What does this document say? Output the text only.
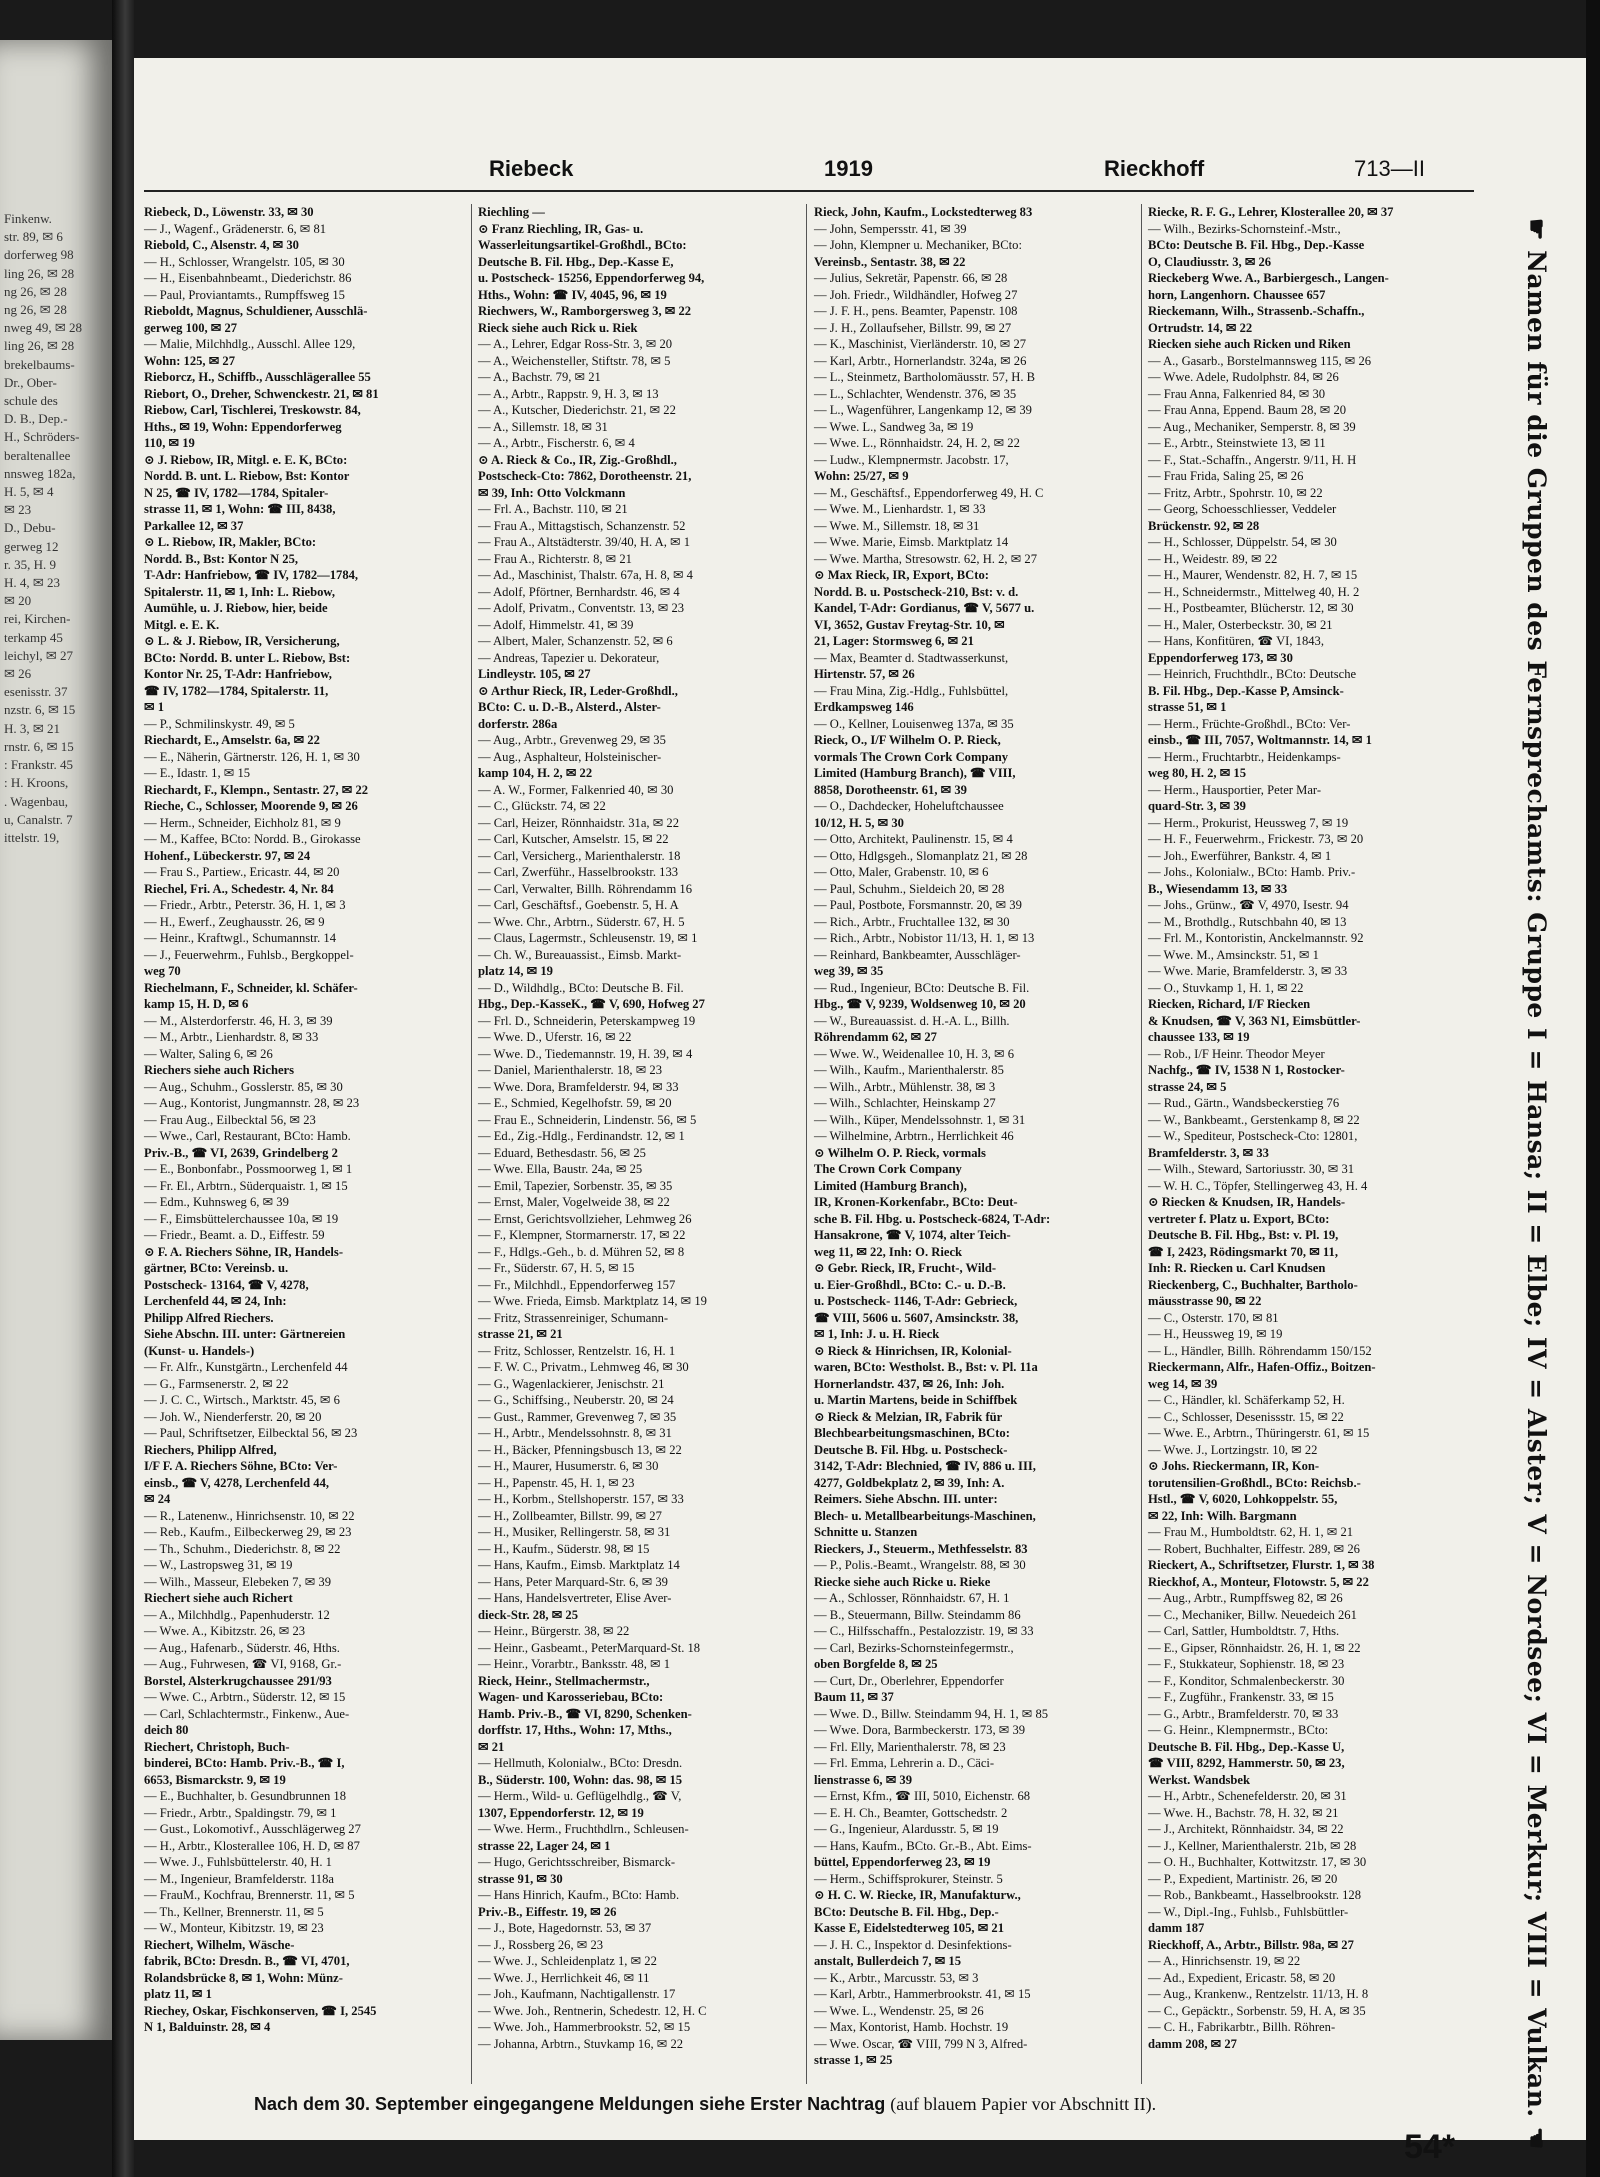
Finkenw.
str. 89, ✉ 6
dorferweg 98
ling 26, ✉ 28
ng 26, ✉ 28
ng 26, ✉ 28
nweg 49, ✉ 28
ling 26, ✉ 28
brekelbaums-
Dr., Ober-
schule des
D. B., Dep.-
H., Schröders-
beraltenallee
nnsweg 182a,
H. 5, ✉ 4
✉ 23
D., Debu-
gerweg 12
r. 35, H. 9
H. 4, ✉ 23
✉ 20
rei, Kirchen-
terkamp 45
leichyl, ✉ 27
✉ 26
esenisstr. 37
nzstr. 6, ✉ 15
H. 3, ✉ 21
rnstr. 6, ✉ 15
: Frankstr. 45
: H. Kroons,
. Wagenbau,
u, Canalstr. 7
ittelstr. 19,
Riebeck	1919	Rieckhoff	713—II
Riebeck, D., Löwenstr. 33, ✉ 30
— J., Wagenf., Grädenerstr. 6, ✉ 81
Riebold, C., Alsenstr. 4, ✉ 30
— H., Schlosser, Wrangelstr. 105, ✉ 30
— H., Eisenbahnbeamt., Diederichstr. 86
— Paul, Proviantamts., Rumpffsweg 15
Rieboldt, Magnus, Schuldiener, Ausschlä-
gerweg 100, ✉ 27
— Malie, Milchhdlg., Ausschl. Allee 129,
Wohn: 125, ✉ 27
Rieborcz, H., Schiffb., Ausschlägerallee 55
Riebort, O., Dreher, Schwenckestr. 21, ✉ 81
Riebow, Carl, Tischlerei, Treskowstr. 84,
Hths., ✉ 19, Wohn: Eppendorferweg
110, ✉ 19
⊙ J. Riebow, IR, Mitgl. e. E. K, BCto:
Nordd. B. unt. L. Riebow, Bst: Kontor
N 25, ☎ IV, 1782—1784, Spitaler-
strasse 11, ✉ 1, Wohn: ☎ III, 8438,
Parkallee 12, ✉ 37
⊙ L. Riebow, IR, Makler, BCto:
Nordd. B., Bst: Kontor N 25,
T-Adr: Hanfriebow, ☎ IV, 1782—1784,
Spitalerstr. 11, ✉ 1, Inh: L. Riebow,
Aumühle, u. J. Riebow, hier, beide
Mitgl. e. E. K.
⊙ L. & J. Riebow, IR, Versicherung,
BCto: Nordd. B. unter L. Riebow, Bst:
Kontor Nr. 25, T-Adr: Hanfriebow,
☎ IV, 1782—1784, Spitalerstr. 11,
✉ 1
— P., Schmilinskystr. 49, ✉ 5
Riechardt, E., Amselstr. 6a, ✉ 22
— E., Näherin, Gärtnerstr. 126, H. 1, ✉ 30
— E., Idastr. 1, ✉ 15
Riechardt, F., Klempn., Sentastr. 27, ✉ 22
Rieche, C., Schlosser, Moorende 9, ✉ 26
— Herm., Schneider, Eichholz 81, ✉ 9
— M., Kaffee, BCto: Nordd. B., Girokasse
Hohenf., Lübeckerstr. 97, ✉ 24
— Frau S., Partiew., Ericastr. 44, ✉ 20
Riechel, Fri. A., Schedestr. 4, Nr. 84
— Friedr., Arbtr., Peterstr. 36, H. 1, ✉ 3
— H., Ewerf., Zeughausstr. 26, ✉ 9
— Heinr., Kraftwgl., Schumannstr. 14
— J., Feuerwehrm., Fuhlsb., Bergkoppel-
weg 70
Riechelmann, F., Schneider, kl. Schäfer-
kamp 15, H. D, ✉ 6
— M., Alsterdorferstr. 46, H. 3, ✉ 39
— M., Arbtr., Lienhardstr. 8, ✉ 33
— Walter, Saling 6, ✉ 26
Riechers siehe auch Richers
— Aug., Schuhm., Gosslerstr. 85, ✉ 30
— Aug., Kontorist, Jungmannstr. 28, ✉ 23
— Frau Aug., Eilbecktal 56, ✉ 23
— Wwe., Carl, Restaurant, BCto: Hamb.
Priv.-B., ☎ VI, 2639, Grindelberg 2
— E., Bonbonfabr., Possmoorweg 1, ✉ 1
— Fr. El., Arbtrn., Süderquaistr. 1, ✉ 15
— Edm., Kuhnsweg 6, ✉ 39
— F., Eimsbüttelerchaussee 10a, ✉ 19
— Friedr., Beamt. a. D., Eiffestr. 59
⊙ F. A. Riechers Söhne, IR, Handels-
gärtner, BCto: Vereinsb. u.
Postscheck- 13164, ☎ V, 4278,
Lerchenfeld 44, ✉ 24, Inh:
Philipp Alfred Riechers.
Siehe Abschn. III. unter: Gärtnereien
(Kunst- u. Handels-)
— Fr. Alfr., Kunstgärtn., Lerchenfeld 44
— G., Farmsenerstr. 2, ✉ 22
— J. C. C., Wirtsch., Marktstr. 45, ✉ 6
— Joh. W., Nienderferstr. 20, ✉ 20
— Paul, Schriftsetzer, Eilbecktal 56, ✉ 23
Riechers, Philipp Alfred,
I/F F. A. Riechers Söhne, BCto: Ver-
einsb., ☎ V, 4278, Lerchenfeld 44,
✉ 24
— R., Latenenw., Hinrichsenstr. 10, ✉ 22
— Reb., Kaufm., Eilbeckerweg 29, ✉ 23
— Th., Schuhm., Diederichstr. 8, ✉ 22
— W., Lastropsweg 31, ✉ 19
— Wilh., Masseur, Elebeken 7, ✉ 39
Riechert siehe auch Richert
— A., Milchhdlg., Papenhuderstr. 12
— Wwe. A., Kibitzstr. 26, ✉ 23
— Aug., Hafenarb., Süderstr. 46, Hths.
— Aug., Fuhrwesen, ☎ VI, 9168, Gr.-
Borstel, Alsterkrugchaussee 291/93
— Wwe. C., Arbtrn., Süderstr. 12, ✉ 15
— Carl, Schlachtermstr., Finkenw., Aue-
deich 80
Riechert, Christoph, Buch-
binderei, BCto: Hamb. Priv.-B., ☎ I,
6653, Bismarckstr. 9, ✉ 19
— E., Buchhalter, b. Gesundbrunnen 18
— Friedr., Arbtr., Spaldingstr. 79, ✉ 1
— Gust., Lokomotivf., Ausschlägerweg 27
— H., Arbtr., Klosterallee 106, H. D, ✉ 87
— Wwe. J., Fuhlsbüttelerstr. 40, H. 1
— M., Ingenieur, Bramfelderstr. 118a
— FrauM., Kochfrau, Brennerstr. 11, ✉ 5
— Th., Kellner, Brennerstr. 11, ✉ 5
— W., Monteur, Kibitzstr. 19, ✉ 23
Riechert, Wilhelm, Wäsche-
fabrik, BCto: Dresdn. B., ☎ VI, 4701,
Rolandsbrücke 8, ✉ 1, Wohn: Münz-
platz 11, ✉ 1
Riechey, Oskar, Fischkonserven, ☎ I, 2545
N 1, Balduinstr. 28, ✉ 4
Riechling —
⊙ Franz Riechling, IR, Gas- u.
Wasserleitungsartikel-Großhdl., BCto:
Deutsche B. Fil. Hbg., Dep.-Kasse E,
u. Postscheck- 15256, Eppendorferweg 94,
Hths., Wohn: ☎ IV, 4045, 96, ✉ 19
Riechwers, W., Ramborgersweg 3, ✉ 22
Rieck siehe auch Rick u. Riek
— A., Lehrer, Edgar Ross-Str. 3, ✉ 20
— A., Weichensteller, Stiftstr. 78, ✉ 5
— A., Bachstr. 79, ✉ 21
— A., Arbtr., Rappstr. 9, H. 3, ✉ 13
— A., Kutscher, Diederichstr. 21, ✉ 22
— A., Sillemstr. 18, ✉ 31
— A., Arbtr., Fischerstr. 6, ✉ 4
⊙ A. Rieck & Co., IR, Zig.-Großhdl.,
Postscheck-Cto: 7862, Dorotheenstr. 21,
✉ 39, Inh: Otto Volckmann
— Frl. A., Bachstr. 110, ✉ 21
— Frau A., Mittagstisch, Schanzenstr. 52
— Frau A., Altstädterstr. 39/40, H. A, ✉ 1
— Frau A., Richterstr. 8, ✉ 21
— Ad., Maschinist, Thalstr. 67a, H. 8, ✉ 4
— Adolf, Pförtner, Bernhardstr. 46, ✉ 4
— Adolf, Privatm., Conventstr. 13, ✉ 23
— Adolf, Himmelstr. 41, ✉ 39
— Albert, Maler, Schanzenstr. 52, ✉ 6
— Andreas, Tapezier u. Dekorateur,
Lindleystr. 105, ✉ 27
⊙ Arthur Rieck, IR, Leder-Großhdl.,
BCto: C. u. D.-B., Alsterd., Alster-
dorferstr. 286a
— Aug., Arbtr., Grevenweg 29, ✉ 35
— Aug., Asphalteur, Holsteinischer-
kamp 104, H. 2, ✉ 22
— A. W., Former, Falkenried 40, ✉ 30
— C., Glückstr. 74, ✉ 22
— Carl, Heizer, Rönnhaidstr. 31a, ✉ 22
— Carl, Kutscher, Amselstr. 15, ✉ 22
— Carl, Versicherg., Marienthalerstr. 18
— Carl, Zwerführ., Hasselbrookstr. 133
— Carl, Verwalter, Billh. Röhrendamm 16
— Carl, Geschäftsf., Goebenstr. 5, H. A
— Wwe. Chr., Arbtrn., Süderstr. 67, H. 5
— Claus, Lagermstr., Schleusenstr. 19, ✉ 1
— Ch. W., Bureauassist., Eimsb. Markt-
platz 14, ✉ 19
— D., Wildhdlg., BCto: Deutsche B. Fil.
Hbg., Dep.-KasseK., ☎ V, 690, Hofweg 27
— Frl. D., Schneiderin, Peterskampweg 19
— Wwe. D., Uferstr. 16, ✉ 22
— Wwe. D., Tiedemannstr. 19, H. 39, ✉ 4
— Daniel, Marienthalerstr. 18, ✉ 23
— Wwe. Dora, Bramfelderstr. 94, ✉ 33
— E., Schmied, Kegelhofstr. 59, ✉ 20
— Frau E., Schneiderin, Lindenstr. 56, ✉ 5
— Ed., Zig.-Hdlg., Ferdinandstr. 12, ✉ 1
— Eduard, Bethesdastr. 56, ✉ 25
— Wwe. Ella, Baustr. 24a, ✉ 25
— Emil, Tapezier, Sorbenstr. 35, ✉ 35
— Ernst, Maler, Vogelweide 38, ✉ 22
— Ernst, Gerichtsvollzieher, Lehmweg 26
— F., Klempner, Stormarnerstr. 17, ✉ 22
— F., Hdlgs.-Geh., b. d. Mühren 52, ✉ 8
— Fr., Süderstr. 67, H. 5, ✉ 15
— Fr., Milchhdl., Eppendorferweg 157
— Wwe. Frieda, Eimsb. Marktplatz 14, ✉ 19
— Fritz, Strassenreiniger, Schumann-
strasse 21, ✉ 21
— Fritz, Schlosser, Rentzelstr. 16, H. 1
— F. W. C., Privatm., Lehmweg 46, ✉ 30
— G., Wagenlackierer, Jenischstr. 21
— G., Schiffsing., Neuberstr. 20, ✉ 24
— Gust., Rammer, Grevenweg 7, ✉ 35
— H., Arbtr., Mendelssohnstr. 8, ✉ 31
— H., Bäcker, Pfenningsbusch 13, ✉ 22
— H., Maurer, Husumerstr. 6, ✉ 30
— H., Papenstr. 45, H. 1, ✉ 23
— H., Korbm., Stellshoperstr. 157, ✉ 33
— H., Zollbeamter, Billstr. 99, ✉ 27
— H., Musiker, Rellingerstr. 58, ✉ 31
— H., Kaufm., Süderstr. 98, ✉ 15
— Hans, Kaufm., Eimsb. Marktplatz 14
— Hans, Peter Marquard-Str. 6, ✉ 39
— Hans, Handelsvertreter, Elise Aver-
dieck-Str. 28, ✉ 25
— Heinr., Bürgerstr. 38, ✉ 22
— Heinr., Gasbeamt., PeterMarquard-St. 18
— Heinr., Vorarbtr., Banksstr. 48, ✉ 1
Rieck, Heinr., Stellmachermstr.,
Wagen- und Karosseriebau, BCto:
Hamb. Priv.-B., ☎ VI, 8290, Schenken-
dorffstr. 17, Hths., Wohn: 17, Mths.,
✉ 21
— Hellmuth, Kolonialw., BCto: Dresdn.
B., Süderstr. 100, Wohn: das. 98, ✉ 15
— Herm., Wild- u. Geflügelhdlg., ☎ V,
1307, Eppendorferstr. 12, ✉ 19
— Wwe. Herm., Fruchthdlrn., Schleusen-
strasse 22, Lager 24, ✉ 1
— Hugo, Gerichtsschreiber, Bismarck-
strasse 91, ✉ 30
— Hans Hinrich, Kaufm., BCto: Hamb.
Priv.-B., Eiffestr. 19, ✉ 26
— J., Bote, Hagedornstr. 53, ✉ 37
— J., Rossberg 26, ✉ 23
— Wwe. J., Schleidenplatz 1, ✉ 22
— Wwe. J., Herrlichkeit 46, ✉ 11
— Joh., Kaufmann, Nachtigallenstr. 17
— Wwe. Joh., Rentnerin, Schedestr. 12, H. C
— Wwe. Joh., Hammerbrookstr. 52, ✉ 15
— Johanna, Arbtrn., Stuvkamp 16, ✉ 22
Rieck, John, Kaufm., Lockstedterweg 83
— John, Sempersstr. 41, ✉ 39
— John, Klempner u. Mechaniker, BCto:
Vereinsb., Sentastr. 38, ✉ 22
— Julius, Sekretär, Papenstr. 66, ✉ 28
— Joh. Friedr., Wildhändler, Hofweg 27
— J. F. H., pens. Beamter, Papenstr. 108
— J. H., Zollaufseher, Billstr. 99, ✉ 27
— K., Maschinist, Vierländerstr. 10, ✉ 27
— Karl, Arbtr., Hornerlandstr. 324a, ✉ 26
— L., Steinmetz, Bartholomäusstr. 57, H. B
— L., Schlachter, Wendenstr. 376, ✉ 35
— L., Wagenführer, Langenkamp 12, ✉ 39
— Wwe. L., Sandweg 3a, ✉ 19
— Wwe. L., Rönnhaidstr. 24, H. 2, ✉ 22
— Ludw., Klempnermstr. Jacobstr. 17,
Wohn: 25/27, ✉ 9
— M., Geschäftsf., Eppendorferweg 49, H. C
— Wwe. M., Lienhardstr. 1, ✉ 33
— Wwe. M., Sillemstr. 18, ✉ 31
— Wwe. Marie, Eimsb. Marktplatz 14
— Wwe. Martha, Stresowstr. 62, H. 2, ✉ 27
⊙ Max Rieck, IR, Export, BCto:
Nordd. B. u. Postscheck-210, Bst: v. d.
Kandel, T-Adr: Gordianus, ☎ V, 5677 u.
VI, 3652, Gustav Freytag-Str. 10, ✉
21, Lager: Stormsweg 6, ✉ 21
— Max, Beamter d. Stadtwasserkunst,
Hirtenstr. 57, ✉ 26
— Frau Mina, Zig.-Hdlg., Fuhlsbüttel,
Erdkampsweg 146
— O., Kellner, Louisenweg 137a, ✉ 35
Rieck, O., I/F Wilhelm O. P. Rieck,
vormals The Crown Cork Company
Limited (Hamburg Branch), ☎ VIII,
8858, Dorotheenstr. 61, ✉ 39
— O., Dachdecker, Hoheluftchaussee
10/12, H. 5, ✉ 30
— Otto, Architekt, Paulinenstr. 15, ✉ 4
— Otto, Hdlgsgeh., Slomanplatz 21, ✉ 28
— Otto, Maler, Grabenstr. 10, ✉ 6
— Paul, Schuhm., Sieldeich 20, ✉ 28
— Paul, Postbote, Forsmannstr. 20, ✉ 39
— Rich., Arbtr., Fruchtallee 132, ✉ 30
— Rich., Arbtr., Nobistor 11/13, H. 1, ✉ 13
— Reinhard, Bankbeamter, Ausschläger-
weg 39, ✉ 35
— Rud., Ingenieur, BCto: Deutsche B. Fil.
Hbg., ☎ V, 9239, Woldsenweg 10, ✉ 20
— W., Bureauassist. d. H.-A. L., Billh.
Röhrendamm 62, ✉ 27
— Wwe. W., Weidenallee 10, H. 3, ✉ 6
— Wilh., Kaufm., Marienthalerstr. 85
— Wilh., Arbtr., Mühlenstr. 38, ✉ 3
— Wilh., Schlachter, Heinskamp 27
— Wilh., Küper, Mendelssohnstr. 1, ✉ 31
— Wilhelmine, Arbtrn., Herrlichkeit 46
⊙ Wilhelm O. P. Rieck, vormals
The Crown Cork Company
Limited (Hamburg Branch),
IR, Kronen-Korkenfabr., BCto: Deut-
sche B. Fil. Hbg. u. Postscheck-6824, T-Adr:
Hansakrone, ☎ V, 1074, alter Teich-
weg 11, ✉ 22, Inh: O. Rieck
⊙ Gebr. Rieck, IR, Frucht-, Wild-
u. Eier-Großhdl., BCto: C.- u. D.-B.
u. Postscheck- 1146, T-Adr: Gebrieck,
☎ VIII, 5606 u. 5607, Amsinckstr. 38,
✉ 1, Inh: J. u. H. Rieck
⊙ Rieck & Hinrichsen, IR, Kolonial-
waren, BCto: Westholst. B., Bst: v. Pl. 11a
Hornerlandstr. 437, ✉ 26, Inh: Joh.
u. Martin Martens, beide in Schiffbek
⊙ Rieck & Melzian, IR, Fabrik für
Blechbearbeitungsmaschinen, BCto:
Deutsche B. Fil. Hbg. u. Postscheck-
3142, T-Adr: Blechnied, ☎ IV, 886 u. III,
4277, Goldbekplatz 2, ✉ 39, Inh: A.
Reimers. Siehe Abschn. III. unter:
Blech- u. Metallbearbeitungs-Maschinen,
Schnitte u. Stanzen
Rieckers, J., Steuerm., Methfesselstr. 83
— P., Polis.-Beamt., Wrangelstr. 88, ✉ 30
Riecke siehe auch Ricke u. Rieke
— A., Schlosser, Rönnhaidstr. 67, H. 1
— B., Steuermann, Billw. Steindamm 86
— C., Hilfsschaffn., Pestalozzistr. 19, ✉ 33
— Carl, Bezirks-Schornsteinfegermstr.,
oben Borgfelde 8, ✉ 25
— Curt, Dr., Oberlehrer, Eppendorfer
Baum 11, ✉ 37
— Wwe. D., Billw. Steindamm 94, H. 1, ✉ 85
— Wwe. Dora, Barmbeckerstr. 173, ✉ 39
— Frl. Elly, Marienthalerstr. 78, ✉ 23
— Frl. Emma, Lehrerin a. D., Cäci-
lienstrasse 6, ✉ 39
— Ernst, Kfm., ☎ III, 5010, Eichenstr. 68
— E. H. Ch., Beamter, Gottschedstr. 2
— G., Ingenieur, Alardusstr. 5, ✉ 19
— Hans, Kaufm., BCto. Gr.-B., Abt. Eims-
büttel, Eppendorferweg 23, ✉ 19
— Herm., Schiffsprokurer, Steinstr. 5
⊙ H. C. W. Riecke, IR, Manufakturw.,
BCto: Deutsche B. Fil. Hbg., Dep.-
Kasse E, Eidelstedterweg 105, ✉ 21
— J. H. C., Inspektor d. Desinfektions-
anstalt, Bullerdeich 7, ✉ 15
— K., Arbtr., Marcusstr. 53, ✉ 3
— Karl, Arbtr., Hammerbrookstr. 41, ✉ 15
— Wwe. L., Wendenstr. 25, ✉ 26
— Max, Kontorist, Hamb. Hochstr. 19
— Wwe. Oscar, ☎ VIII, 799 N 3, Alfred-
strasse 1, ✉ 25
Riecke, R. F. G., Lehrer, Klosterallee 20, ✉ 37
— Wilh., Bezirks-Schornsteinf.-Mstr.,
BCto: Deutsche B. Fil. Hbg., Dep.-Kasse
O, Claudiusstr. 3, ✉ 26
Rieckeberg Wwe. A., Barbiergesch., Langen-
horn, Langenhorn. Chaussee 657
Rieckemann, Wilh., Strassenb.-Schaffn.,
Ortrudstr. 14, ✉ 22
Riecken siehe auch Ricken und Riken
— A., Gasarb., Borstelmannsweg 115, ✉ 26
— Wwe. Adele, Rudolphstr. 84, ✉ 26
— Frau Anna, Falkenried 84, ✉ 30
— Frau Anna, Eppend. Baum 28, ✉ 20
— Aug., Mechaniker, Semperstr. 8, ✉ 39
— E., Arbtr., Steinstwiete 13, ✉ 11
— F., Stat.-Schaffn., Angerstr. 9/11, H. H
— Frau Frida, Saling 25, ✉ 26
— Fritz, Arbtr., Spohrstr. 10, ✉ 22
— Georg, Schoesschliesser, Veddeler
Brückenstr. 92, ✉ 28
— H., Schlosser, Düppelstr. 54, ✉ 30
— H., Weidestr. 89, ✉ 22
— H., Maurer, Wendenstr. 82, H. 7, ✉ 15
— H., Schneidermstr., Mittelweg 40, H. 2
— H., Postbeamter, Blücherstr. 12, ✉ 30
— H., Maler, Osterbeckstr. 30, ✉ 21
— Hans, Konfitüren, ☎ VI, 1843,
Eppendorferweg 173, ✉ 30
— Heinrich, Fruchthdlr., BCto: Deutsche
B. Fil. Hbg., Dep.-Kasse P, Amsinck-
strasse 51, ✉ 1
— Herm., Früchte-Großhdl., BCto: Ver-
einsb., ☎ III, 7057, Woltmannstr. 14, ✉ 1
— Herm., Fruchtarbtr., Heidenkamps-
weg 80, H. 2, ✉ 15
— Herm., Hausportier, Peter Mar-
quard-Str. 3, ✉ 39
— Herm., Prokurist, Heussweg 7, ✉ 19
— H. F., Feuerwehrm., Frickestr. 73, ✉ 20
— Joh., Ewerführer, Bankstr. 4, ✉ 1
— Johs., Kolonialw., BCto: Hamb. Priv.-
B., Wiesendamm 13, ✉ 33
— Johs., Grünw., ☎ V, 4970, Isestr. 94
— M., Brothdlg., Rutschbahn 40, ✉ 13
— Frl. M., Kontoristin, Anckelmannstr. 92
— Wwe. M., Amsinckstr. 51, ✉ 1
— Wwe. Marie, Bramfelderstr. 3, ✉ 33
— O., Stuvkamp 1, H. 1, ✉ 22
Riecken, Richard, I/F Riecken
& Knudsen, ☎ V, 363 N1, Eimsbüttler-
chaussee 133, ✉ 19
— Rob., I/F Heinr. Theodor Meyer
Nachfg., ☎ IV, 1538 N 1, Rostocker-
strasse 24, ✉ 5
— Rud., Gärtn., Wandsbeckerstieg 76
— W., Bankbeamt., Gerstenkamp 8, ✉ 22
— W., Spediteur, Postscheck-Cto: 12801,
Bramfelderstr. 3, ✉ 33
— Wilh., Steward, Sartoriusstr. 30, ✉ 31
— W. H. C., Töpfer, Stellingerweg 43, H. 4
⊙ Riecken & Knudsen, IR, Handels-
vertreter f. Platz u. Export, BCto:
Deutsche B. Fil. Hbg., Bst: v. Pl. 19,
☎ I, 2423, Rödingsmarkt 70, ✉ 11,
Inh: R. Riecken u. Carl Knudsen
Rieckenberg, C., Buchhalter, Bartholo-
mäusstrasse 90, ✉ 22
— C., Osterstr. 170, ✉ 81
— H., Heussweg 19, ✉ 19
— L., Händler, Billh. Röhrendamm 150/152
Rieckermann, Alfr., Hafen-Offiz., Boitzen-
weg 14, ✉ 39
— C., Händler, kl. Schäferkamp 52, H.
— C., Schlosser, Desenissstr. 15, ✉ 22
— Wwe. E., Arbtrn., Thüringerstr. 61, ✉ 15
— Wwe. J., Lortzingstr. 10, ✉ 22
⊙ Johs. Rieckermann, IR, Kon-
torutensilien-Großhdl., BCto: Reichsb.-
Hstl., ☎ V, 6020, Lohkoppelstr. 55,
✉ 22, Inh: Wilh. Bargmann
— Frau M., Humboldtstr. 62, H. 1, ✉ 21
— Robert, Buchhalter, Eiffestr. 289, ✉ 26
Rieckert, A., Schriftsetzer, Flurstr. 1, ✉ 38
Rieckhof, A., Monteur, Flotowstr. 5, ✉ 22
— Aug., Arbtr., Rumpffsweg 82, ✉ 26
— C., Mechaniker, Billw. Neuedeich 261
— Carl, Sattler, Humboldtstr. 7, Hths.
— E., Gipser, Rönnhaidstr. 26, H. 1, ✉ 22
— F., Stukkateur, Sophienstr. 18, ✉ 23
— F., Konditor, Schmalenbeckerstr. 30
— F., Zugführ., Frankenstr. 33, ✉ 15
— G., Arbtr., Bramfelderstr. 70, ✉ 33
— G. Heinr., Klempnermstr., BCto:
Deutsche B. Fil. Hbg., Dep.-Kasse U,
☎ VIII, 8292, Hammerstr. 50, ✉ 23,
Werkst. Wandsbek
— H., Arbtr., Schenefelderstr. 20, ✉ 31
— Wwe. H., Bachstr. 78, H. 32, ✉ 21
— J., Architekt, Rönnhaidstr. 34, ✉ 22
— J., Kellner, Marienthalerstr. 21b, ✉ 28
— O. H., Buchhalter, Kottwitzstr. 17, ✉ 30
— P., Expedient, Martinistr. 26, ✉ 20
— Rob., Bankbeamt., Hasselbrookstr. 128
— W., Dipl.-Ing., Fuhlsb., Fuhlsbüttler-
damm 187
Rieckhoff, A., Arbtr., Billstr. 98a, ✉ 27
— A., Hinrichsenstr. 19, ✉ 22
— Ad., Expedient, Ericastr. 58, ✉ 20
— Aug., Krankenw., Rentzelstr. 11/13, H. 8
— C., Gepäcktr., Sorbenstr. 59, H. A, ✉ 35
— C. H., Fabrikarbtr., Billh. Röhren-
damm 208, ✉ 27	☛ Namen für die Gruppen des Fernsprechamts: Gruppe I = Hansa; II = Elbe; IV = Alster; V = Nordsee; VI = Merkur; VIII = Vulkan. ☚
Nach dem 30. September eingegangene Meldungen siehe Erster Nachtrag (auf blauem Papier vor Abschnitt II).
54*
